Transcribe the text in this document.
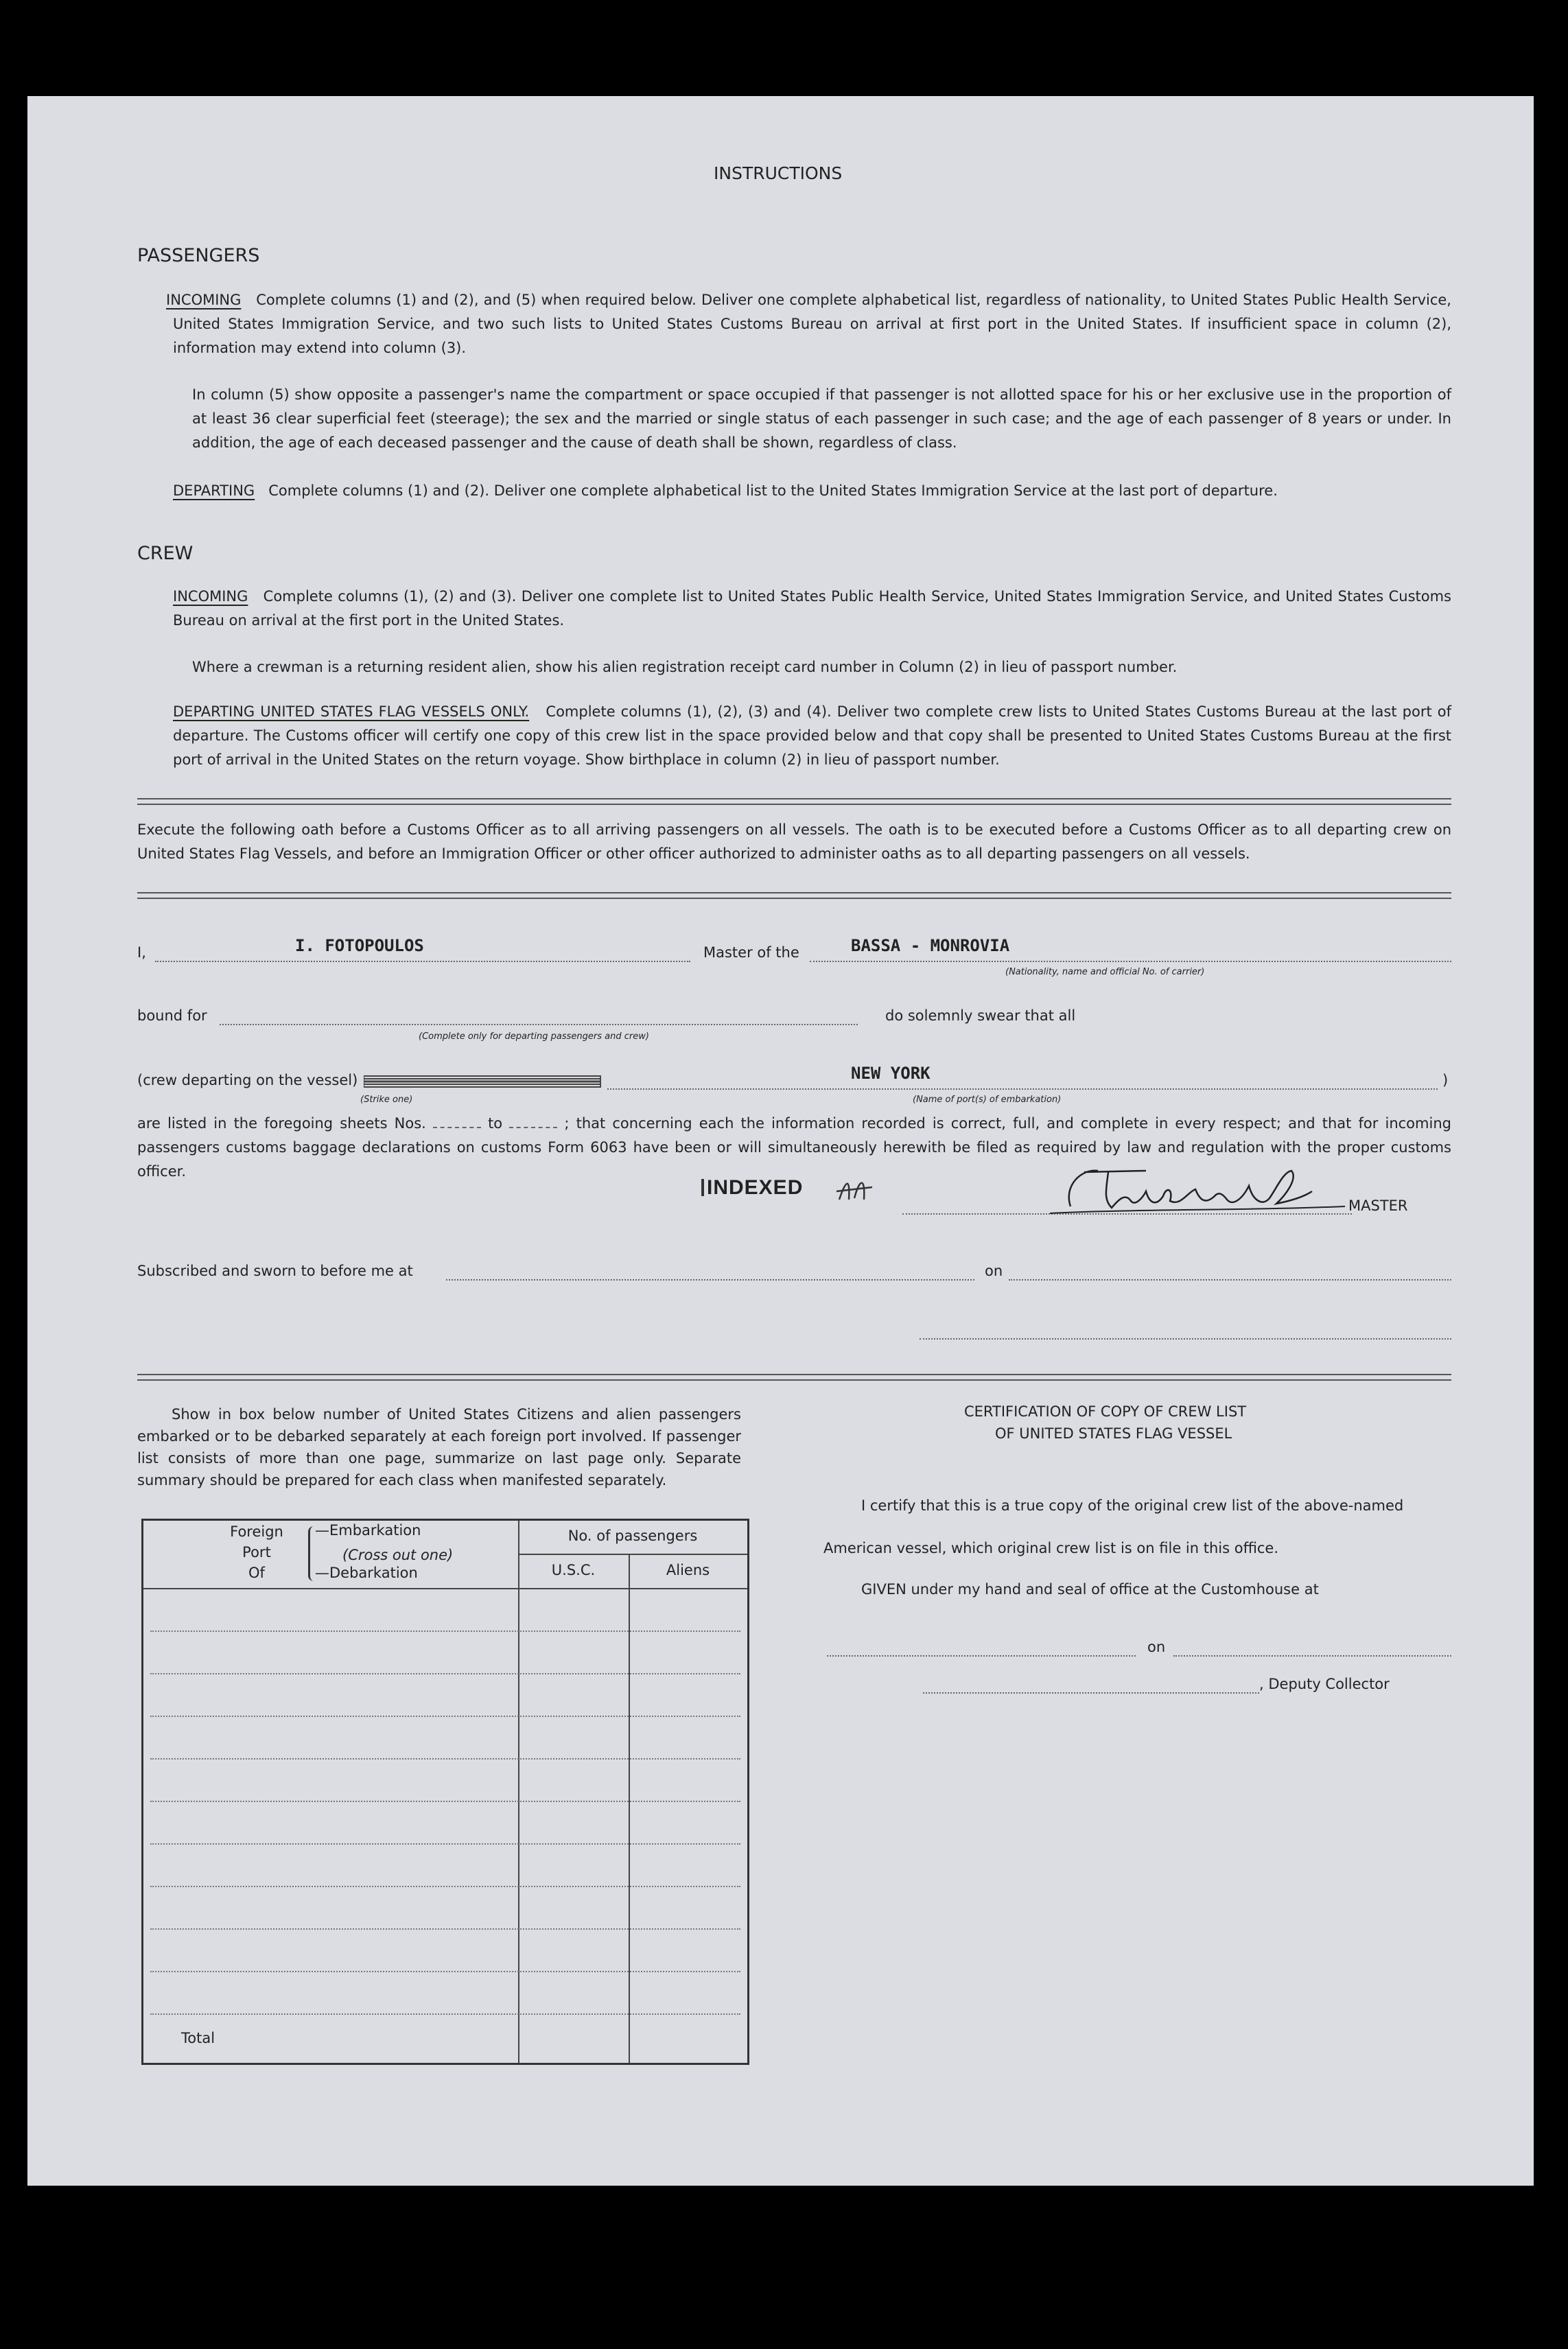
INSTRUCTIONS
PASSENGERS
INCOMING Complete columns (1) and (2), and (5) when required below. Deliver one complete alphabetical list, regardless of nationality, to United States Public Health Service, United States Immigration Service, and two such lists to United States Customs Bureau on arrival at first port in the United States. If insufficient space in column (2), information may extend into column (3).
In column (5) show opposite a passenger's name the compartment or space occupied if that passenger is not allotted space for his or her exclusive use in the proportion of at least 36 clear superficial feet (steerage); the sex and the married or single status of each passenger in such case; and the age of each passenger of 8 years or under. In addition, the age of each deceased passenger and the cause of death shall be shown, regardless of class.
DEPARTING Complete columns (1) and (2). Deliver one complete alphabetical list to the United States Immigration Service at the last port of departure.
CREW
INCOMING Complete columns (1), (2) and (3). Deliver one complete list to United States Public Health Service, United States Immigration Service, and United States Customs Bureau on arrival at the first port in the United States.
Where a crewman is a returning resident alien, show his alien registration receipt card number in Column (2) in lieu of passport number.
DEPARTING UNITED STATES FLAG VESSELS ONLY. Complete columns (1), (2), (3) and (4). Deliver two complete crew lists to United States Customs Bureau at the last port of departure. The Customs officer will certify one copy of this crew list in the space provided below and that copy shall be presented to United States Customs Bureau at the first port of arrival in the United States on the return voyage. Show birthplace in column (2) in lieu of passport number.
Execute the following oath before a Customs Officer as to all arriving passengers on all vessels. The oath is to be executed before a Customs Officer as to all departing crew on United States Flag Vessels, and before an Immigration Officer or other officer authorized to administer oaths as to all departing passengers on all vessels.
I,	I. FOTOPOULOS	Master of the	BASSA - MONROVIA
(Nationality, name and official No. of carrier)
bound for
(Complete only for departing passengers and crew)
do solemnly swear that all
(crew departing on the vessel)
(Strike one)
NEW YORK
(Name of port(s) of embarkation)
)
are listed in the foregoing sheets Nos.	to	; that concerning each the information recorded is correct, full, and complete in every respect; and that for incoming passengers customs baggage declarations on customs Form 6063 have been or will simultaneously herewith be filed as required by law and regulation with the proper customs officer.
INDEXED
MASTER
Subscribed and sworn to before me at	on
Show in box below number of United States Citizens and alien passengers embarked or to be debarked separately at each foreign port involved. If passenger list consists of more than one page, summarize on last page only. Separate summary should be prepared for each class when manifested separately.
Foreign
Port
Of
—Embarkation
(Cross out one)
—Debarkation
No. of passengers
U.S.C.	Aliens
Total
CERTIFICATION OF COPY OF CREW LIST
OF UNITED STATES FLAG VESSEL
I certify that this is a true copy of the original crew list of the above-named
American vessel, which original crew list is on file in this office.
GIVEN under my hand and seal of office at the Customhouse at
on
, Deputy Collector
